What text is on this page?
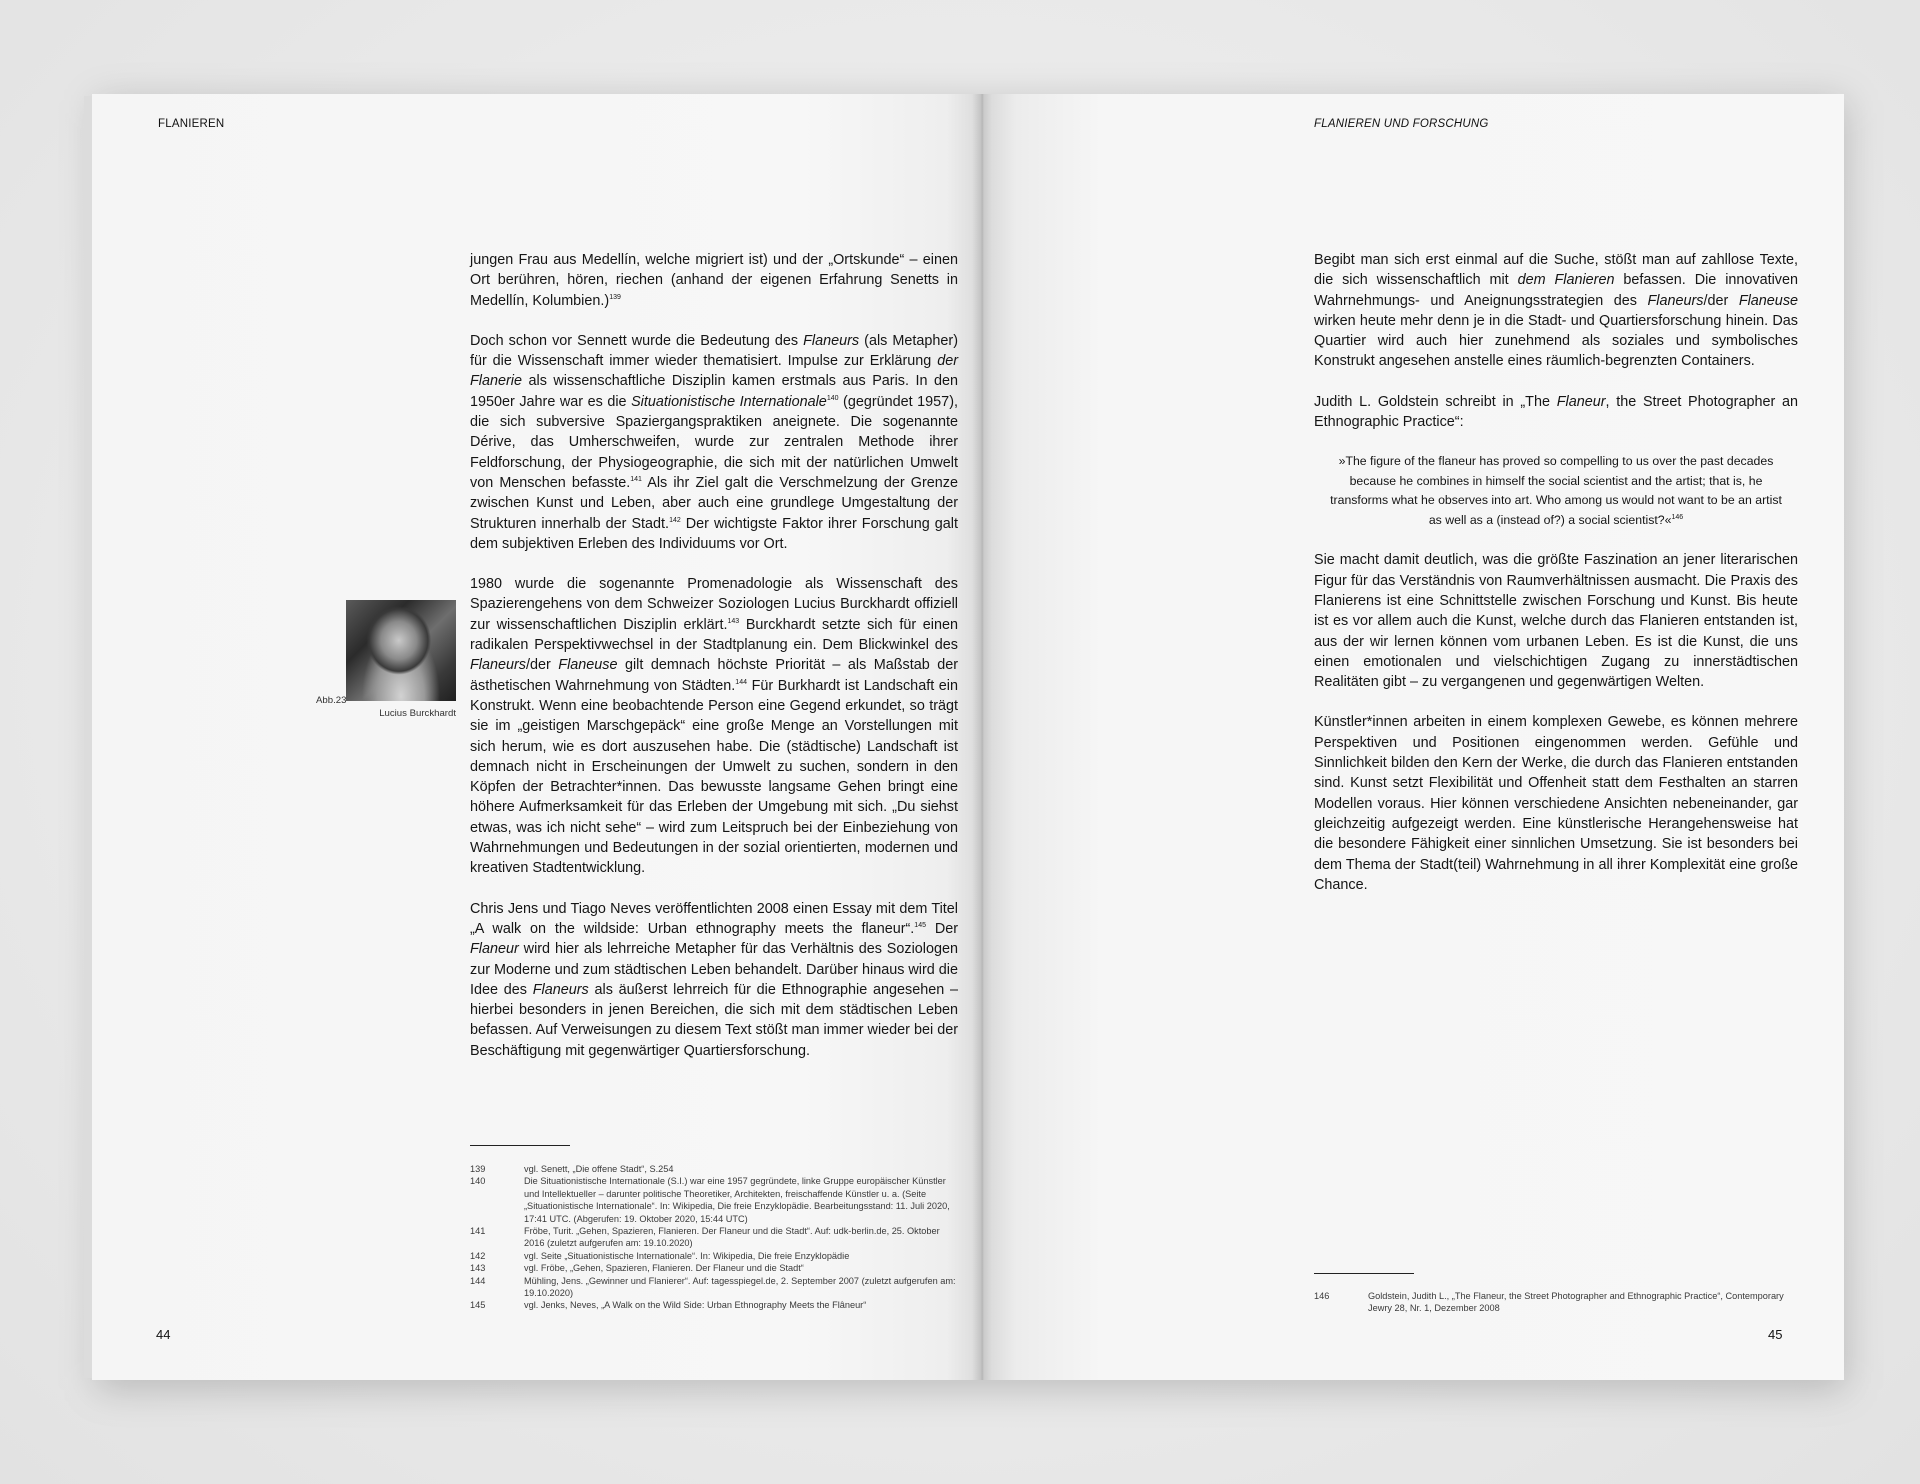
FLANIEREN

jungen Frau aus Medellín, welche migriert ist) und der „Ortskunde“ – einen Ort berühren, hören, riechen (anhand der eigenen Erfahrung Senetts in Medellín, Kolumbien.)$^{139}$

Doch schon vor Sennett wurde die Bedeutung des Flaneurs (als Metapher) für die Wissenschaft immer wieder thematisiert. Impulse zur Erklärung der Flanerie als wissenschaftliche Disziplin kamen erstmals aus Paris. In den 1950er Jahre war es die Situationistische Internationale$^{140}$ (gegründet 1957), die sich subversive Spaziergangspraktiken aneignete. Die sogenannte Dérive, das Umherschweifen, wurde zur zentralen Methode ihrer Feldforschung, der Physiogeographie, die sich mit der natürlichen Umwelt von Menschen befasste.$^{141}$ Als ihr Ziel galt die Verschmelzung der Grenze zwischen Kunst und Leben, aber auch eine grundlege Umgestaltung der Strukturen innerhalb der Stadt.$^{142}$ Der wichtigste Faktor ihrer Forschung galt dem subjektiven Erleben des Individuums vor Ort.

1980 wurde die sogenannte Promenadologie als Wissenschaft des Spazierengehens von dem Schweizer Soziologen Lucius Burckhardt offiziell zur wissenschaftlichen Disziplin erklärt.$^{143}$ Burckhardt setzte sich für einen radikalen Perspektivwechsel in der Stadtplanung ein. Dem Blickwinkel des Flaneurs/der Flaneuse gilt demnach höchste Priorität – als Maßstab der ästhetischen Wahrnehmung von Städten.$^{144}$ Für Burkhardt ist Landschaft ein Konstrukt. Wenn eine beobachtende Person eine Gegend erkundet, so trägt sie im „geistigen Marschgepäck“ eine große Menge an Vorstellungen mit sich herum, wie es dort auszusehen habe. Die (städtische) Landschaft ist demnach nicht in Erscheinungen der Umwelt zu suchen, sondern in den Köpfen der Betrachter*innen. Das bewusste langsame Gehen bringt eine höhere Aufmerksamkeit für das Erleben der Umgebung mit sich. „Du siehst etwas, was ich nicht sehe“ – wird zum Leitspruch bei der Einbeziehung von Wahrnehmungen und Bedeutungen in der sozial orientierten, modernen und kreativen Stadtentwicklung.

Chris Jens und Tiago Neves veröffentlichten 2008 einen Essay mit dem Titel „A walk on the wildside: Urban ethnography meets the flaneur“.$^{145}$ Der Flaneur wird hier als lehrreiche Metapher für das Verhältnis des Soziologen zur Moderne und zum städtischen Leben behandelt. Darüber hinaus wird die Idee des Flaneurs als äußerst lehrreich für die Ethnographie angesehen – hierbei besonders in jenen Bereichen, die sich mit dem städtischen Leben befassen. Auf Verweisungen zu diesem Text stößt man immer wieder bei der Beschäftigung mit gegenwärtiger Quartiersforschung.

Abb.23
Lucius Burckhardt
139	vgl. Senett, „Die offene Stadt“, S.254
140	Die Situationistische Internationale (S.I.) war eine 1957 gegründete, linke Gruppe europäischer Künstler und Intellektueller – darunter politische Theoretiker, Architekten, freischaffende Künstler u. a. (Seite „Situationistische Internationale“. In: Wikipedia, Die freie Enzyklopädie. Bearbeitungsstand: 11. Juli 2020, 17:41 UTC. (Abgerufen: 19. Oktober 2020, 15:44 UTC)
141	Fröbe, Turit. „Gehen, Spazieren, Flanieren. Der Flaneur und die Stadt“. Auf: udk-berlin.de, 25. Oktober 2016 (zuletzt aufgerufen am: 19.10.2020)
142	vgl. Seite „Situationistische Internationale“. In: Wikipedia, Die freie Enzyklopädie
143	vgl. Fröbe, „Gehen, Spazieren, Flanieren. Der Flaneur und die Stadt“
144	Mühling, Jens. „Gewinner und Flanierer“. Auf: tagesspiegel.de, 2. September 2007 (zuletzt aufgerufen am: 19.10.2020)
145	vgl. Jenks, Neves, „A Walk on the Wild Side: Urban Ethnography Meets the Flâneur“
44
FLANIEREN UND FORSCHUNG

Begibt man sich erst einmal auf die Suche, stößt man auf zahllose Texte, die sich wissenschaftlich mit dem Flanieren befassen. Die innovativen Wahrnehmungs- und Aneignungsstrategien des Flaneurs/der Flaneuse wirken heute mehr denn je in die Stadt- und Quartiersforschung hinein. Das Quartier wird auch hier zunehmend als soziales und symbolisches Konstrukt angesehen anstelle eines räumlich-begrenzten Containers.

Judith L. Goldstein schreibt in „The Flaneur, the Street Photographer an Ethnographic Practice“:

»The figure of the flaneur has proved so compelling to us over the past decades because he combines in himself the social scientist and the artist; that is, he transforms what he observes into art. Who among us would not want to be an artist as well as a (instead of?) a social scientist?«$^{146}$

Sie macht damit deutlich, was die größte Faszination an jener literarischen Figur für das Verständnis von Raumverhältnissen ausmacht. Die Praxis des Flanierens ist eine Schnittstelle zwischen Forschung und Kunst. Bis heute ist es vor allem auch die Kunst, welche durch das Flanieren entstanden ist, aus der wir lernen können vom urbanen Leben. Es ist die Kunst, die uns einen emotionalen und vielschichtigen Zugang zu innerstädtischen Realitäten gibt – zu vergangenen und gegenwärtigen Welten.

Künstler*innen arbeiten in einem komplexen Gewebe, es können mehrere Perspektiven und Positionen eingenommen werden. Gefühle und Sinnlichkeit bilden den Kern der Werke, die durch das Flanieren entstanden sind. Kunst setzt Flexibilität und Offenheit statt dem Festhalten an starren Modellen voraus. Hier können verschiedene Ansichten nebeneinander, gar gleichzeitig aufgezeigt werden. Eine künstlerische Herangehensweise hat die besondere Fähigkeit einer sinnlichen Umsetzung. Sie ist besonders bei dem Thema der Stadt(teil) Wahrnehmung in all ihrer Komplexität eine große Chance.

146	Goldstein, Judith L., „The Flaneur, the Street Photographer and Ethnographic Practice“, Contemporary Jewry 28, Nr. 1, Dezember 2008
45
